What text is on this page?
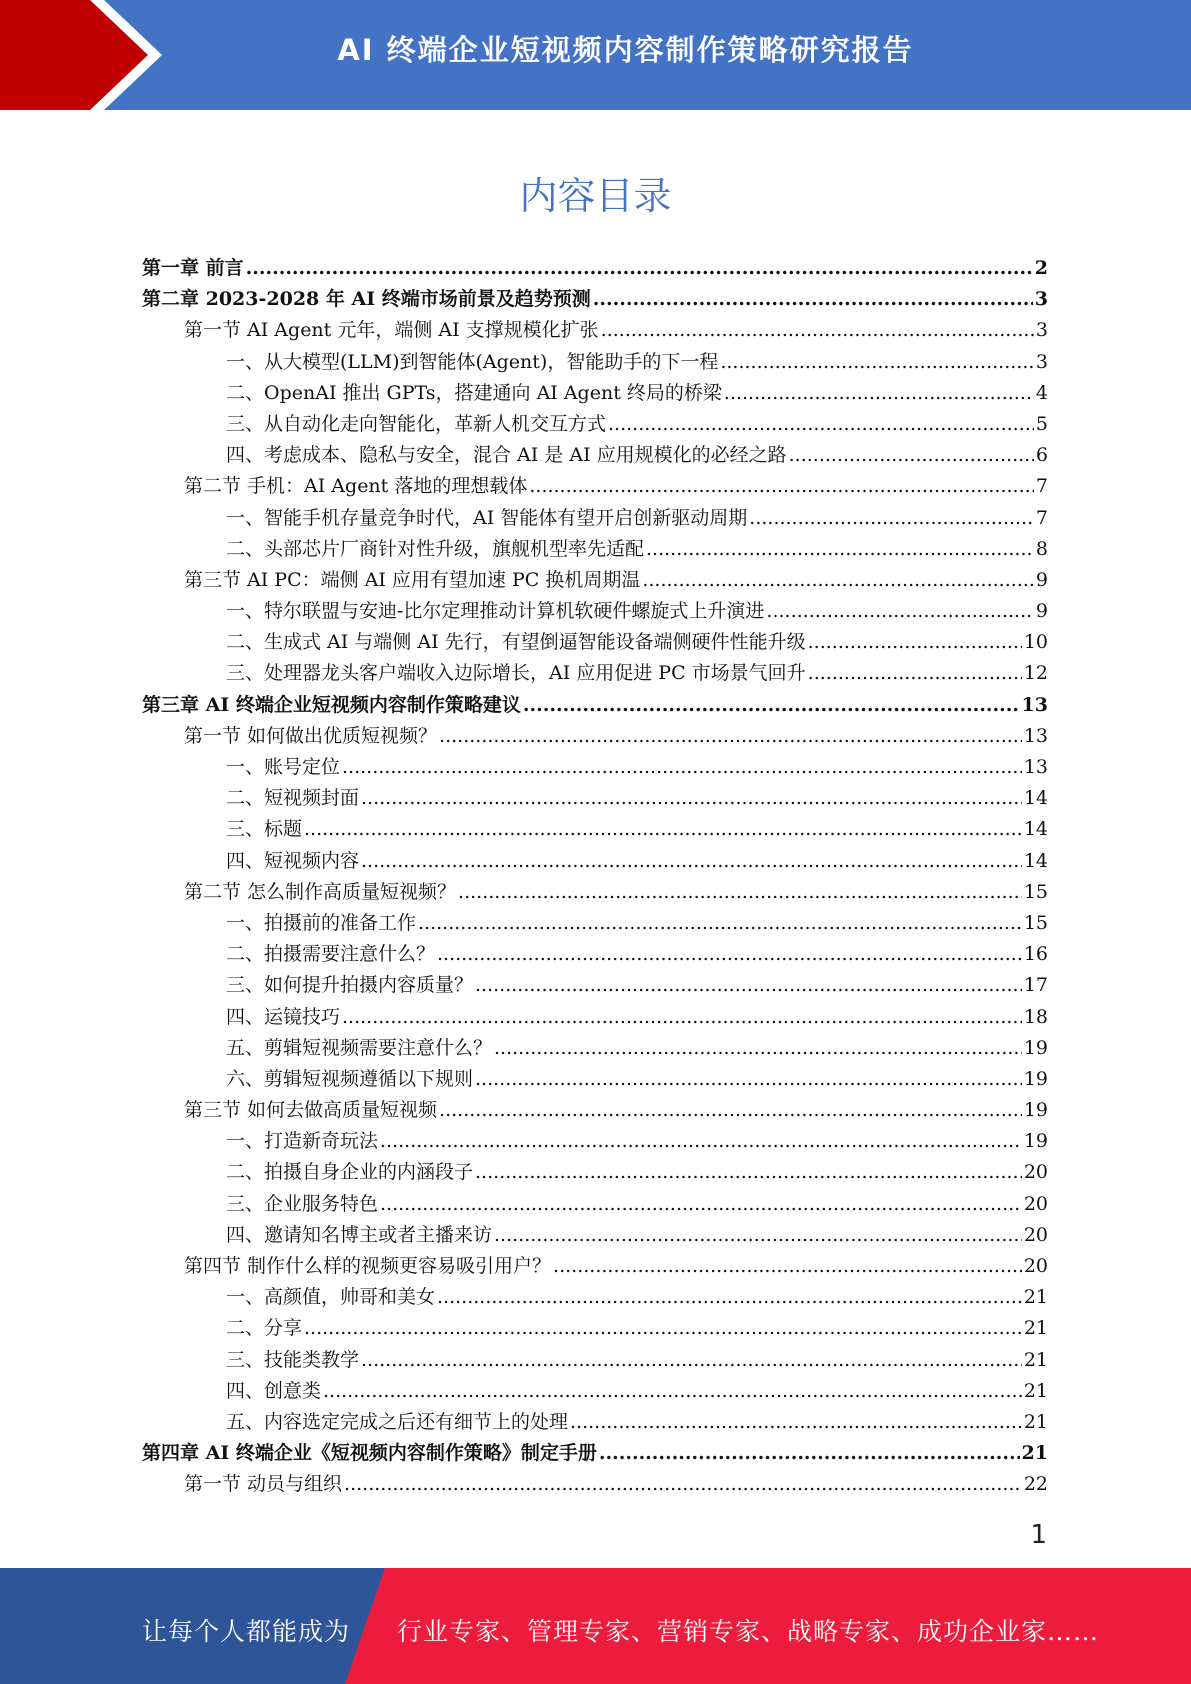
AI 终端企业短视频内容制作策略研究报告
内容目录
第一章 前言 .....	2
第二章 2023-2028 年 AI 终端市场前景及趋势预测 .....	3
第一节 AI Agent 元年，端侧 AI 支撑规模化扩张 .....	3
一、从大模型(LLM)到智能体(Agent)，智能助手的下一程 .....	3
二、OpenAI 推出 GPTs，搭建通向 AI Agent 终局的桥梁 .....	4
三、从自动化走向智能化，革新人机交互方式 .....	5
四、考虑成本、隐私与安全，混合 AI 是 AI 应用规模化的必经之路 .....	6
第二节 手机：AI Agent 落地的理想载体 .....	7
一、智能手机存量竞争时代，AI 智能体有望开启创新驱动周期 .....	7
二、头部芯片厂商针对性升级，旗舰机型率先适配 .....	8
第三节 AI PC：端侧 AI 应用有望加速 PC 换机周期温 .....	9
一、特尔联盟与安迪-比尔定理推动计算机软硬件螺旋式上升演进 .....	9
二、生成式 AI 与端侧 AI 先行，有望倒逼智能设备端侧硬件性能升级 .....	10
三、处理器龙头客户端收入边际增长，AI 应用促进 PC 市场景气回升 .....	12
第三章 AI 终端企业短视频内容制作策略建议 .....	13
第一节 如何做出优质短视频？ .....	13
一、账号定位 .....	13
二、短视频封面 .....	14
三、标题 .....	14
四、短视频内容 .....	14
第二节 怎么制作高质量短视频？ .....	15
一、拍摄前的准备工作 .....	15
二、拍摄需要注意什么？ .....	16
三、如何提升拍摄内容质量？ .....	17
四、运镜技巧 .....	18
五、剪辑短视频需要注意什么？ .....	19
六、剪辑短视频遵循以下规则 .....	19
第三节 如何去做高质量短视频 .....	19
一、打造新奇玩法 .....	19
二、拍摄自身企业的内涵段子 .....	20
三、企业服务特色 .....	20
四、邀请知名博主或者主播来访 .....	20
第四节 制作什么样的视频更容易吸引用户？ .....	20
一、高颜值，帅哥和美女 .....	21
二、分享 .....	21
三、技能类教学 .....	21
四、创意类 .....	21
五、内容选定完成之后还有细节上的处理 .....	21
第四章 AI 终端企业《短视频内容制作策略》制定手册 .....	21
第一节 动员与组织 .....	22
1
让每个人都能成为 行业专家、管理专家、营销专家、战略专家、成功企业家……
